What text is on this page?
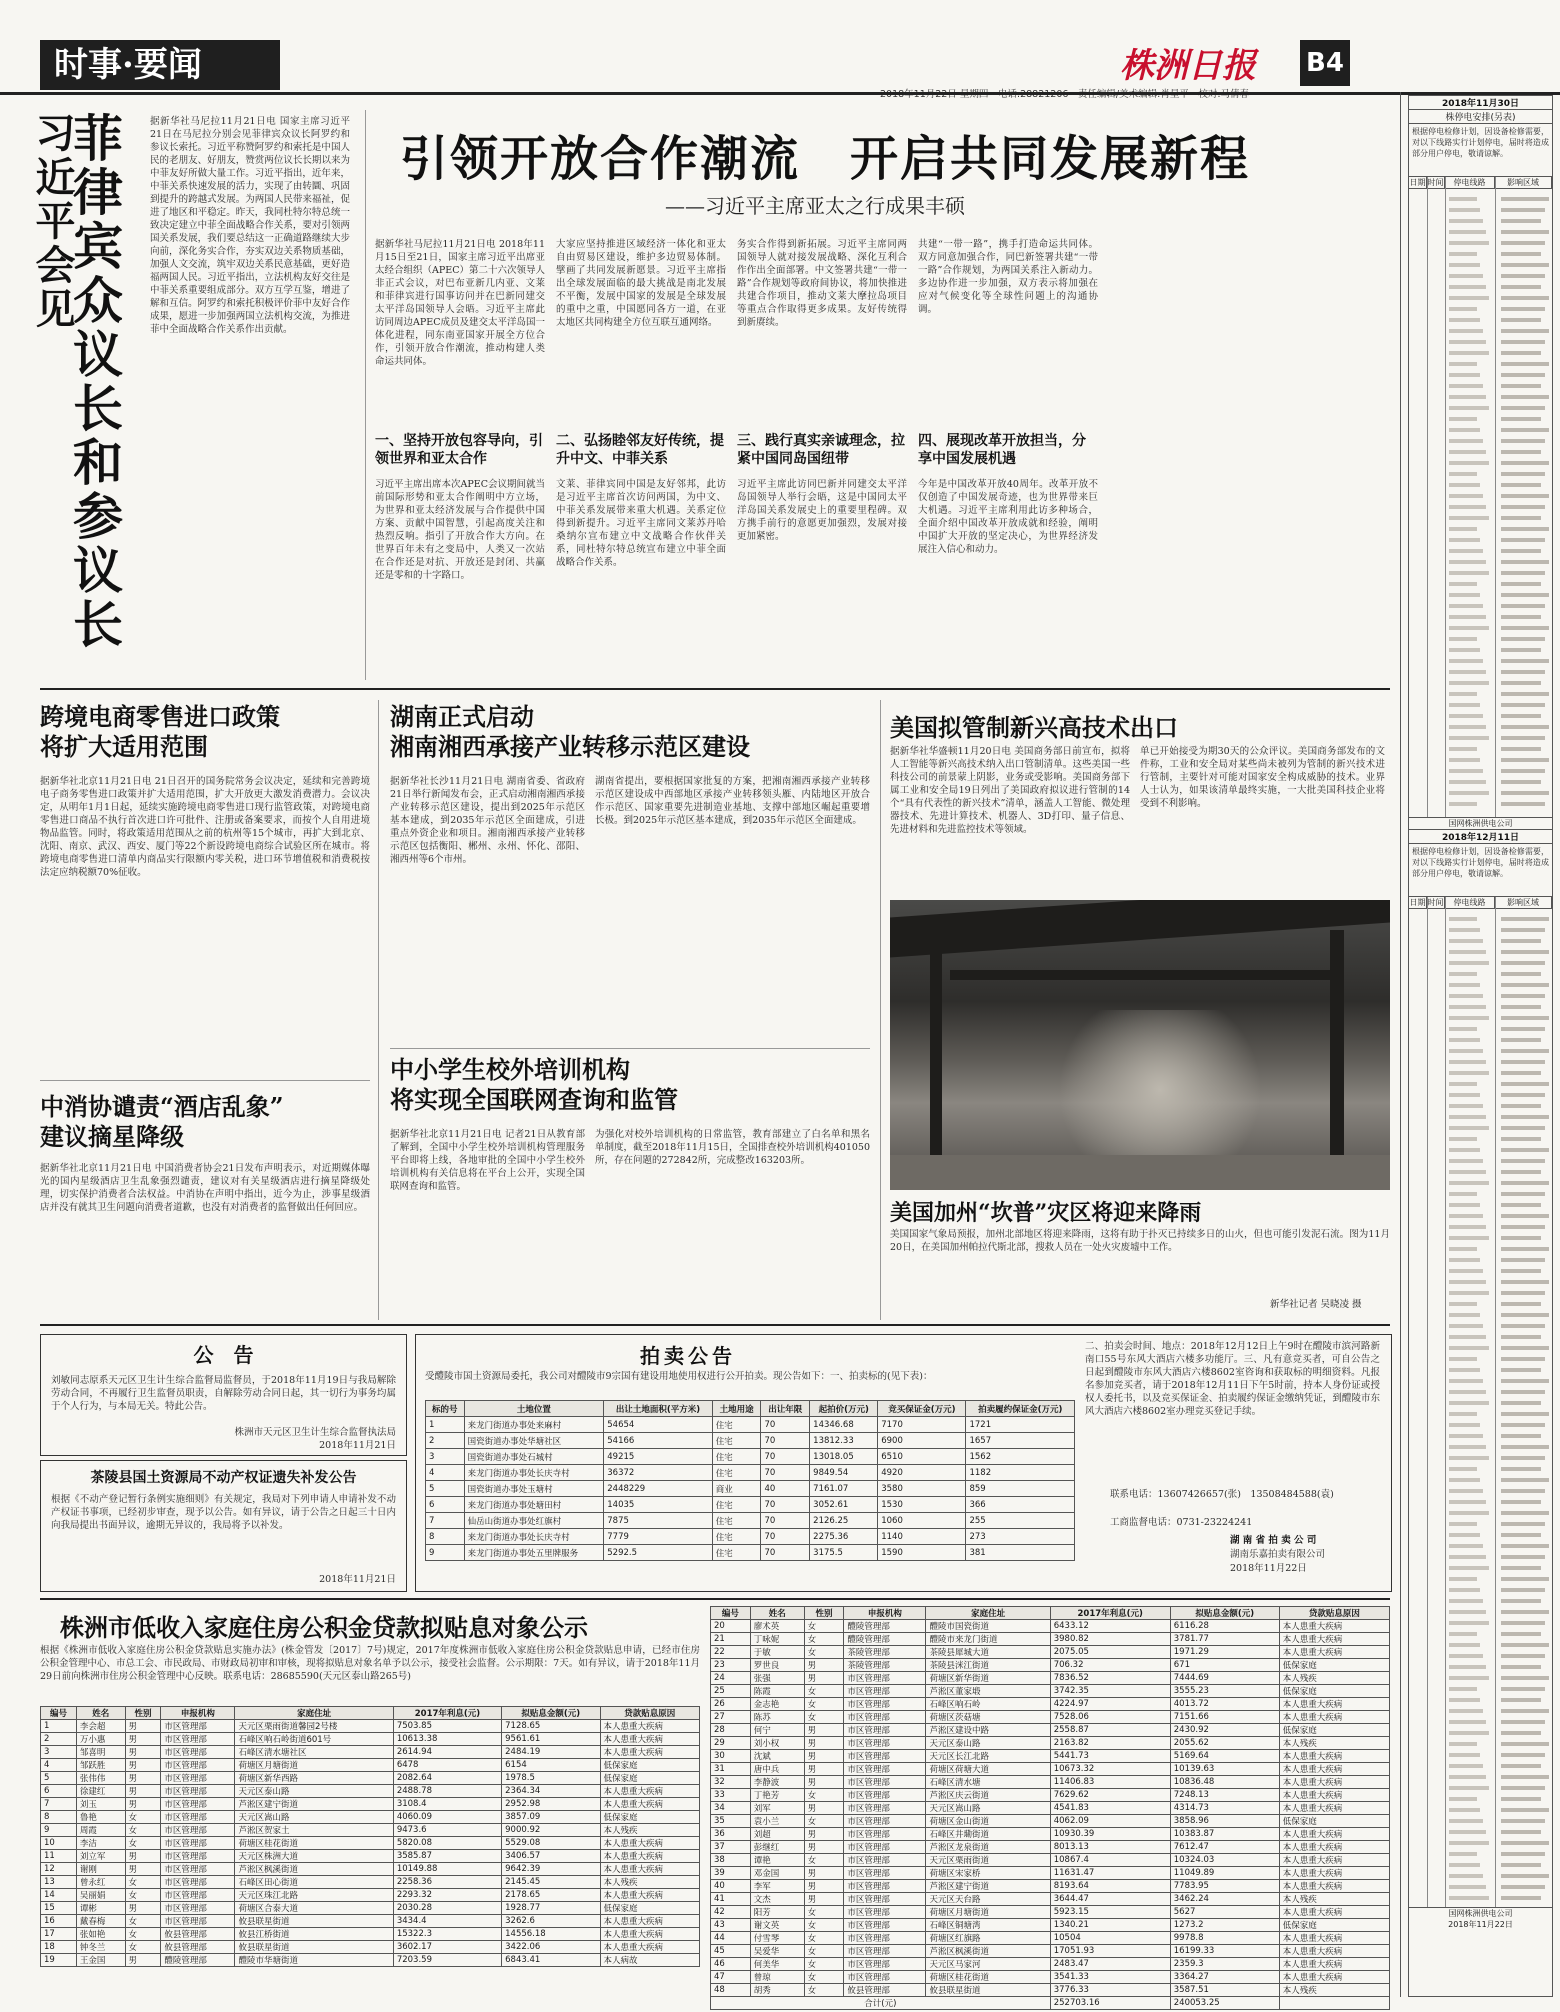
时事·要闻	株洲日报 B4
菲律宾众议长和参议长
习近平会见	据新华社马尼拉11月21日电 国家主席习近平21日在马尼拉分别会见菲律宾众议长阿罗约和参议长索托。习近平称赞阿罗约和索托是中国人民的老朋友、好朋友，赞赏两位议长长期以来为中菲友好所做大量工作。习近平指出，近年来，中菲关系快速发展的活力，实现了由转圜、巩固到提升的跨越式发展。为两国人民带来福祉，促进了地区和平稳定。昨天，我同杜特尔特总统一致决定建立中菲全面战略合作关系，要对引领两国关系发展，我们要总结这一正确道路继续大步向前，深化务实合作，夯实双边关系物质基础，加强人文交流，筑牢双边关系民意基础，更好造福两国人民。习近平指出，立法机构友好交往是中菲关系重要组成部分。双方互学互鉴，增进了解和互信。阿罗约和索托积极评价菲中友好合作成果，愿进一步加强两国立法机构交流，为推进菲中全面战略合作关系作出贡献。
引领开放合作潮流　开启共同发展新程
——习近平主席亚太之行成果丰硕
据新华社马尼拉11月21日电 2018年11月15日至21日，国家主席习近平出席亚太经合组织（APEC）第二十六次领导人非正式会议，对巴布亚新几内亚、文莱和菲律宾进行国事访问并在巴新同建交太平洋岛国领导人会晤。习近平主席此访同周边APEC成员及建交太平洋岛国一体化进程，同东南亚国家开展全方位合作，引领开放合作潮流，推动构建人类命运共同体。
一、坚持开放包容导向，引领世界和亚太合作
习近平主席出席本次APEC会议期间就当前国际形势和亚太合作阐明中方立场，为世界和亚太经济发展与合作提供中国方案、贡献中国智慧，引起高度关注和热烈反响。指引了开放合作大方向。在世界百年未有之变局中，人类又一次站在合作还是对抗、开放还是封闭、共赢还是零和的十字路口。
大家应坚持推进区域经济一体化和亚太自由贸易区建设，维护多边贸易体制。擘画了共同发展新愿景。习近平主席指出全球发展面临的最大挑战是南北发展不平衡，发展中国家的发展是全球发展的重中之重，中国愿同各方一道，在亚太地区共同构建全方位互联互通网络。
二、弘扬睦邻友好传统，提升中文、中菲关系
文莱、菲律宾同中国是友好邻邦，此访是习近平主席首次访问两国，为中文、中菲关系发展带来重大机遇。关系定位得到新提升。习近平主席同文莱苏丹哈桑纳尔宣布建立中文战略合作伙伴关系，同杜特尔特总统宣布建立中菲全面战略合作关系。
务实合作得到新拓展。习近平主席同两国领导人就对接发展战略、深化互利合作作出全面部署。中文签署共建“一带一路”合作规划等政府间协议，将加快推进共建合作项目，推动文莱大摩拉岛项目等重点合作取得更多成果。友好传统得到新赓续。
三、践行真实亲诚理念，拉紧中国同岛国纽带
习近平主席此访同巴新并同建交太平洋岛国领导人举行会晤，这是中国同太平洋岛国关系发展史上的重要里程碑。双方携手前行的意愿更加强烈，发展对接更加紧密。
共建“一带一路”，携手打造命运共同体。双方同意加强合作，同巴新签署共建“一带一路”合作规划，为两国关系注入新动力。多边协作进一步加强，双方表示将加强在应对气候变化等全球性问题上的沟通协调。
四、展现改革开放担当，分享中国发展机遇
今年是中国改革开放40周年。改革开放不仅创造了中国发展奇迹，也为世界带来巨大机遇。习近平主席利用此访多种场合，全面介绍中国改革开放成就和经验，阐明中国扩大开放的坚定决心，为世界经济发展注入信心和动力。
跨境电商零售进口政策
将扩大适用范围
据新华社北京11月21日电 21日召开的国务院常务会议决定，延续和完善跨境电子商务零售进口政策并扩大适用范围，扩大开放更大激发消费潜力。会议决定，从明年1月1日起，延续实施跨境电商零售进口现行监管政策，对跨境电商零售进口商品不执行首次进口许可批件、注册或备案要求，而按个人自用进境物品监管。同时，将政策适用范围从之前的杭州等15个城市，再扩大到北京、沈阳、南京、武汉、西安、厦门等22个新设跨境电商综合试验区所在城市。将跨境电商零售进口清单内商品实行限额内零关税，进口环节增值税和消费税按法定应纳税额70%征收。
中消协谴责“酒店乱象”
建议摘星降级
据新华社北京11月21日电 中国消费者协会21日发布声明表示，对近期媒体曝光的国内星级酒店卫生乱象强烈谴责，建议对有关星级酒店进行摘星降级处理，切实保护消费者合法权益。中消协在声明中指出，近今为止，涉事星级酒店并没有就其卫生问题向消费者道歉，也没有对消费者的监督做出任何回应。
湖南正式启动
湘南湘西承接产业转移示范区建设
据新华社长沙11月21日电 湖南省委、省政府21日举行新闻发布会，正式启动湘南湘西承接产业转移示范区建设，提出到2025年示范区基本建成，到2035年示范区全面建成，引进重点外资企业和项目。湘南湘西承接产业转移示范区包括衡阳、郴州、永州、怀化、邵阳、湘西州等6个市州。
湖南省提出，要根据国家批复的方案，把湘南湘西承接产业转移示范区建设成中西部地区承接产业转移领头雁、内陆地区开放合作示范区、国家重要先进制造业基地、支撑中部地区崛起重要增长极。到2025年示范区基本建成，到2035年示范区全面建成。
中小学生校外培训机构
将实现全国联网查询和监管
据新华社北京11月21日电 记者21日从教育部了解到，全国中小学生校外培训机构管理服务平台即将上线，各地审批的全国中小学生校外培训机构有关信息将在平台上公开，实现全国联网查询和监管。
为强化对校外培训机构的日常监管，教育部建立了白名单和黑名单制度，截至2018年11月15日，全国排查校外培训机构401050所，存在问题的272842所，完成整改163203所。
美国拟管制新兴高技术出口
据新华社华盛顿11月20日电 美国商务部日前宣布，拟将人工智能等新兴高技术纳入出口管制清单。这些美国一些科技公司的前景蒙上阴影，业务或受影响。美国商务部下属工业和安全局19日列出了美国政府拟议进行管制的14个“具有代表性的新兴技术”清单，涵盖人工智能、微处理器技术、先进计算技术、机器人、3D打印、量子信息、先进材料和先进监控技术等领域。
单已开始接受为期30天的公众评议。美国商务部发布的文件称，工业和安全局对某些尚未被列为管制的新兴技术进行管制，主要针对可能对国家安全构成威胁的技术。业界人士认为，如果该清单最终实施，一大批美国科技企业将受到不利影响。
美国加州“坎普”灾区将迎来降雨
美国国家气象局预报，加州北部地区将迎来降雨，这将有助于扑灭已持续多日的山火，但也可能引发泥石流。图为11月20日，在美国加州帕拉代斯北部，搜救人员在一处火灾废墟中工作。
新华社记者 吴晓凌 摄
公　告
刘敏同志原系天元区卫生计生综合监督局监督员，于2018年11月19日与我局解除劳动合同，不再履行卫生监督员职责，自解除劳动合同日起，其一切行为事务均属于个人行为，与本局无关。特此公告。
株洲市天元区卫生计生综合监督执法局
2018年11月21日
茶陵县国土资源局不动产权证遗失补发公告
根据《不动产登记暂行条例实施细则》有关规定，我局对下列申请人申请补发不动产权证书事项，已经初步审查，现予以公告。如有异议，请于公告之日起三十日内向我局提出书面异议，逾期无异议的，我局将予以补发。
2018年11月21日
拍卖公告
受醴陵市国土资源局委托，我公司对醴陵市9宗国有建设用地使用权进行公开拍卖。现公告如下：一、拍卖标的(见下表)：
标的号	土地位置	出让土地面积(平方米)	土地用途	出让年限	起拍价(万元)	竞买保证金(万元)	拍卖履约保证金(万元)
1	来龙门街道办事处来麻村	54654	住宅	70	14346.68	7170	1721
2	国瓷街道办事处华塘社区	54166	住宅	70	13812.33	6900	1657
3	国瓷街道办事处石城村	49215	住宅	70	13018.05	6510	1562
4	来龙门街道办事处长庆寺村	36372	住宅	70	9849.54	4920	1182
5	国瓷街道办事处玉塘村	2448229	商业	40	7161.07	3580	859
6	来龙门街道办事处塘田村	14035	住宅	70	3052.61	1530	366
7	仙岳山街道办事处红旗村	7875	住宅	70	2126.25	1060	255
8	来龙门街道办事处长庆寺村	7779	住宅	70	2275.36	1140	273
9	来龙门街道办事处五里牌服务	5292.5	住宅	70	3175.5	1590	381
二、拍卖会时间、地点：2018年12月12日上午9时在醴陵市滨河路新南口55号东风大酒店六楼多功能厅。三、凡有意竞买者，可自公告之日起到醴陵市东风大酒店六楼8602室咨询和获取标的明细资料。凡报名参加竞买者，请于2018年12月11日下午5时前，持本人身份证或授权人委托书，以及竞买保证金、拍卖履约保证金缴纳凭证，到醴陵市东风大酒店六楼8602室办理竞买登记手续。
联系电话：13607426657(张)　13508484588(袁)
工商监督电话：0731-23224241
湖 南 省 拍 卖 公 司
湖南乐嘉拍卖有限公司
2018年11月22日
株洲市低收入家庭住房公积金贷款拟贴息对象公示
根据《株洲市低收入家庭住房公积金贷款贴息实施办法》(株金管发〔2017〕7号)规定，2017年度株洲市低收入家庭住房公积金贷款贴息申请，已经市住房公积金管理中心、市总工会、市民政局、市财政局初审和审核，现将拟贴息对象名单予以公示，接受社会监督。公示期限：7天。如有异议，请于2018年11月29日前向株洲市住房公积金管理中心反映。联系电话：28685590(天元区泰山路265号)
编号	姓名	性别	申报机构	家庭住址	2017年利息(元)	拟贴息金额(元)	贷款贴息原因
1	李会超	男	市区管理部	天元区栗雨街道馨园2号楼	7503.85	7128.65	本人患重大疾病
2	万小惠	男	市区管理部	石峰区响石岭街道601号	10613.38	9561.61	本人患重大疾病
3	邹喜明	男	市区管理部	石峰区清水塘社区	2614.94	2484.19	本人患重大疾病
4	邹跃胜	男	市区管理部	荷塘区月塘街道	6478	6154	低保家庭
5	张伟伟	男	市区管理部	荷塘区新华西路	2082.64	1978.5	低保家庭
6	徐建红	男	市区管理部	天元区泰山路	2488.78	2364.34	本人患重大疾病
7	刘玉	男	市区管理部	芦淞区建宁街道	3108.4	2952.98	本人患重大疾病
8	鲁艳	女	市区管理部	天元区嵩山路	4060.09	3857.09	低保家庭
9	周霞	女	市区管理部	芦淞区贺家土	9473.6	9000.92	本人残疾
10	李洁	女	市区管理部	荷塘区桂花街道	5820.08	5529.08	本人患重大疾病
11	刘立军	男	市区管理部	天元区株洲大道	3585.87	3406.57	本人患重大疾病
12	谢刚	男	市区管理部	芦淞区枫溪街道	10149.88	9642.39	本人患重大疾病
13	曾永红	女	市区管理部	石峰区田心街道	2258.36	2145.45	本人残疾
14	吴丽娟	女	市区管理部	天元区珠江北路	2293.32	2178.65	本人患重大疾病
15	谭彬	男	市区管理部	荷塘区合泰大道	2030.28	1928.77	低保家庭
16	戴春梅	女	市区管理部	攸县联星街道	3434.4	3262.6	本人患重大疾病
17	张如艳	女	攸县管理部	攸县江桥街道	15322.3	14556.18	本人患重大疾病
18	钟冬兰	女	攸县管理部	攸县联星街道	3602.17	3422.06	本人患重大疾病
19	王金国	男	醴陵管理部	醴陵市华塘街道	7203.59	6843.41	本人病故
编号	姓名	性别	申报机构	家庭住址	2017年利息(元)	拟贴息金额(元)	贷款贴息原因
20	廖术英	女	醴陵管理部	醴陵市国瓷街道	6433.12	6116.28	本人患重大疾病
21	丁咏妮	女	醴陵管理部	醴陵市来龙门街道	3980.82	3781.77	本人患重大疾病
22	于敏	女	茶陵管理部	茶陵县犀城大道	2075.05	1971.29	本人患重大疾病
23	罗世良	男	茶陵管理部	茶陵县洣江街道	706.32	671	低保家庭
24	张强	男	市区管理部	荷塘区新华街道	7836.52	7444.69	本人残疾
25	陈霞	女	市区管理部	芦淞区董家塅	3742.35	3555.23	低保家庭
26	金志艳	女	市区管理部	石峰区响石岭	4224.97	4013.72	本人患重大疾病
27	陈苏	女	市区管理部	荷塘区茨菇塘	7528.06	7151.66	本人患重大疾病
28	何宁	男	市区管理部	芦淞区建设中路	2558.87	2430.92	低保家庭
29	刘小权	男	市区管理部	天元区泰山路	2163.82	2055.62	本人残疾
30	沈斌	男	市区管理部	天元区长江北路	5441.73	5169.64	本人患重大疾病
31	唐中兵	男	市区管理部	荷塘区荷塘大道	10673.32	10139.63	本人患重大疾病
32	李静波	男	市区管理部	石峰区清水塘	11406.83	10836.48	本人患重大疾病
33	丁艳芳	女	市区管理部	芦淞区庆云街道	7629.62	7248.13	本人患重大疾病
34	刘军	男	市区管理部	天元区嵩山路	4541.83	4314.73	本人患重大疾病
35	袁小兰	女	市区管理部	荷塘区金山街道	4062.09	3858.96	低保家庭
36	刘超	男	市区管理部	石峰区井墈街道	10930.39	10383.87	本人患重大疾病
37	彭继红	男	市区管理部	芦淞区龙泉街道	8013.13	7612.47	本人患重大疾病
38	谭艳	女	市区管理部	天元区栗雨街道	10867.4	10324.03	本人患重大疾病
39	邓金国	男	市区管理部	荷塘区宋家桥	11631.47	11049.89	本人患重大疾病
40	李军	男	市区管理部	芦淞区建宁街道	8193.64	7783.95	本人患重大疾病
41	文杰	男	市区管理部	天元区天台路	3644.47	3462.24	本人残疾
42	阳芳	女	市区管理部	荷塘区月塘街道	5923.15	5627	本人患重大疾病
43	谢文英	女	市区管理部	石峰区铜塘湾	1340.21	1273.2	低保家庭
44	付雪琴	女	市区管理部	荷塘区红旗路	10504	9978.8	本人患重大疾病
45	吴爱华	女	市区管理部	芦淞区枫溪街道	17051.93	16199.33	本人患重大疾病
46	何美华	女	市区管理部	天元区马家河	2483.47	2359.3	本人患重大疾病
47	曾琼	女	市区管理部	荷塘区桂花街道	3541.33	3364.27	本人患重大疾病
48	胡秀	女	攸县管理部	攸县联星街道	3776.33	3587.51	本人残疾
合计(元)					252703.16	240053.25	
2018年11月30日
株停电安排(另表)
根据停电检修计划，因设备检修需要，对以下线路实行计划停电，届时将造成部分用户停电，敬请谅解。
日期 时间	停电线路	影响区域
国网株洲供电公司
2018年12月11日
根据停电检修计划，因设备检修需要，对以下线路实行计划停电，届时将造成部分用户停电，敬请谅解。
日期 时间	停电线路	影响区域
国网株洲供电公司
2018年11月22日
